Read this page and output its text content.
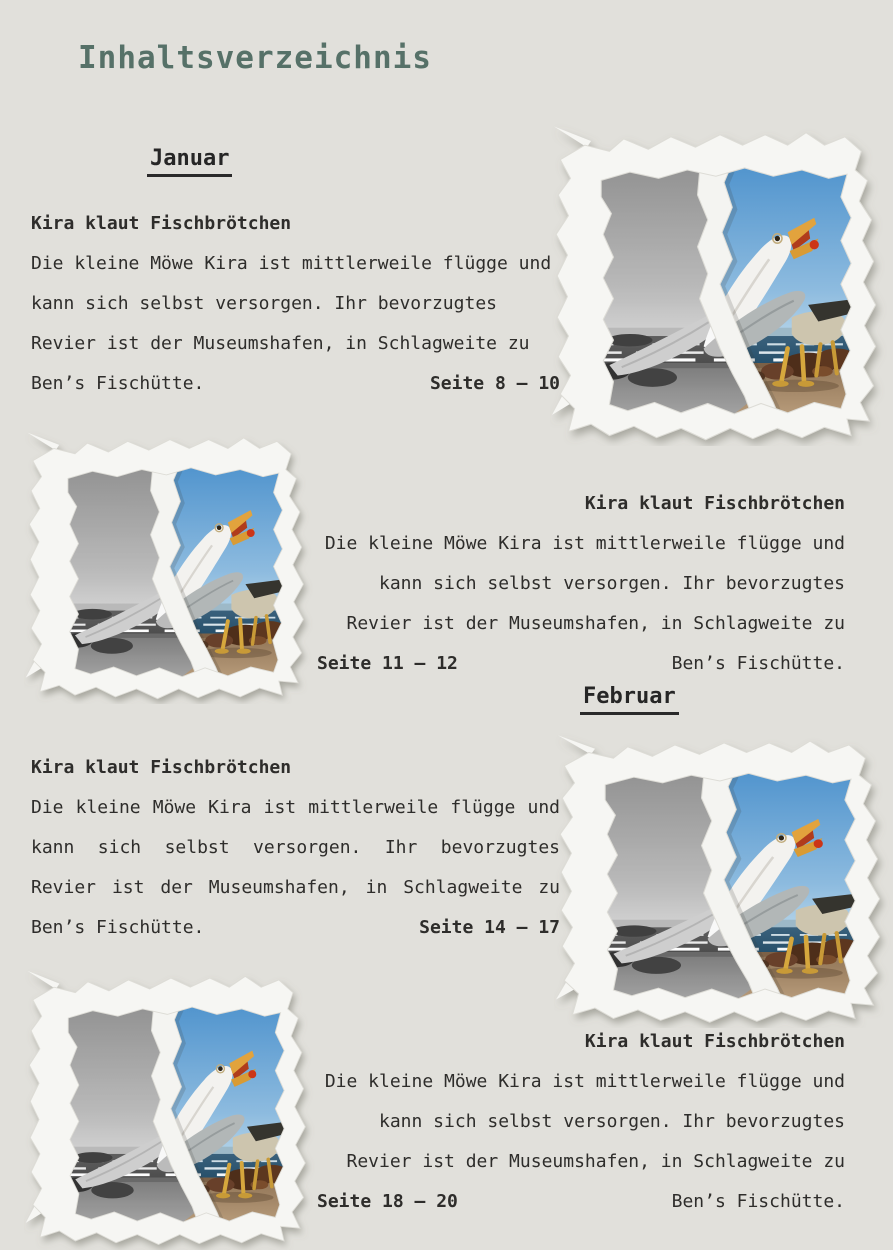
Inhaltsverzeichnis
Januar
Februar
Kira klaut Fischbrötchen
Die kleine Möwe Kira ist mittlerweile flügge und
kann sich selbst versorgen. Ihr bevorzugtes
Revier ist der Museumshafen, in Schlagweite zu
Ben’s Fischütte.	Seite 8 – 10
Kira klaut Fischbrötchen
Die kleine Möwe Kira ist mittlerweile flügge und
kann sich selbst versorgen. Ihr bevorzugtes
Revier ist der Museumshafen, in Schlagweite zu
Seite 11 – 12	Ben’s Fischütte.
Kira klaut Fischbrötchen
Die kleine Möwe Kira ist mittlerweile flügge und
kann sich selbst versorgen. Ihr bevorzugtes
Revier ist der Museumshafen, in Schlagweite zu
Ben’s Fischütte.	Seite 14 – 17
Kira klaut Fischbrötchen
Die kleine Möwe Kira ist mittlerweile flügge und
kann sich selbst versorgen. Ihr bevorzugtes
Revier ist der Museumshafen, in Schlagweite zu
Seite 18 – 20	Ben’s Fischütte.
